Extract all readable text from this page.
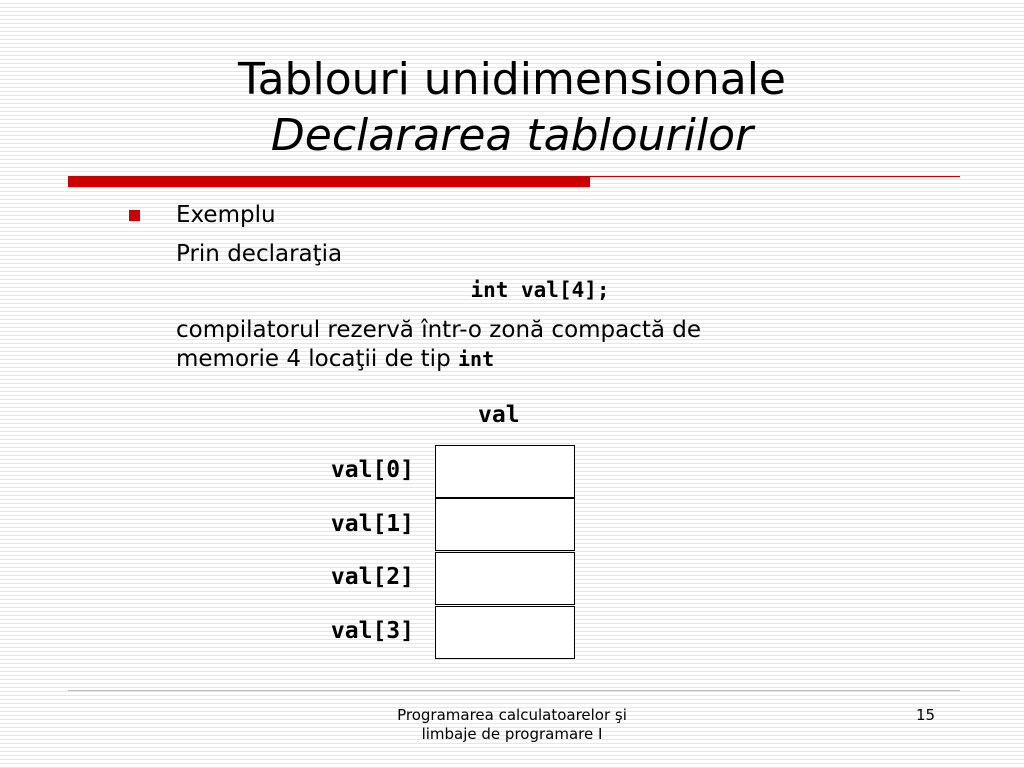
Tablouri unidimensionale
Declararea tablourilor
Exemplu
Prin declaraţia
int val[4];
compilatorul rezervă într-o zonă compactă de
memorie 4 locaţii de tip int
val
val[0]
val[1]
val[2]
val[3]
Programarea calculatoarelor şi
limbaje de programare I
15
